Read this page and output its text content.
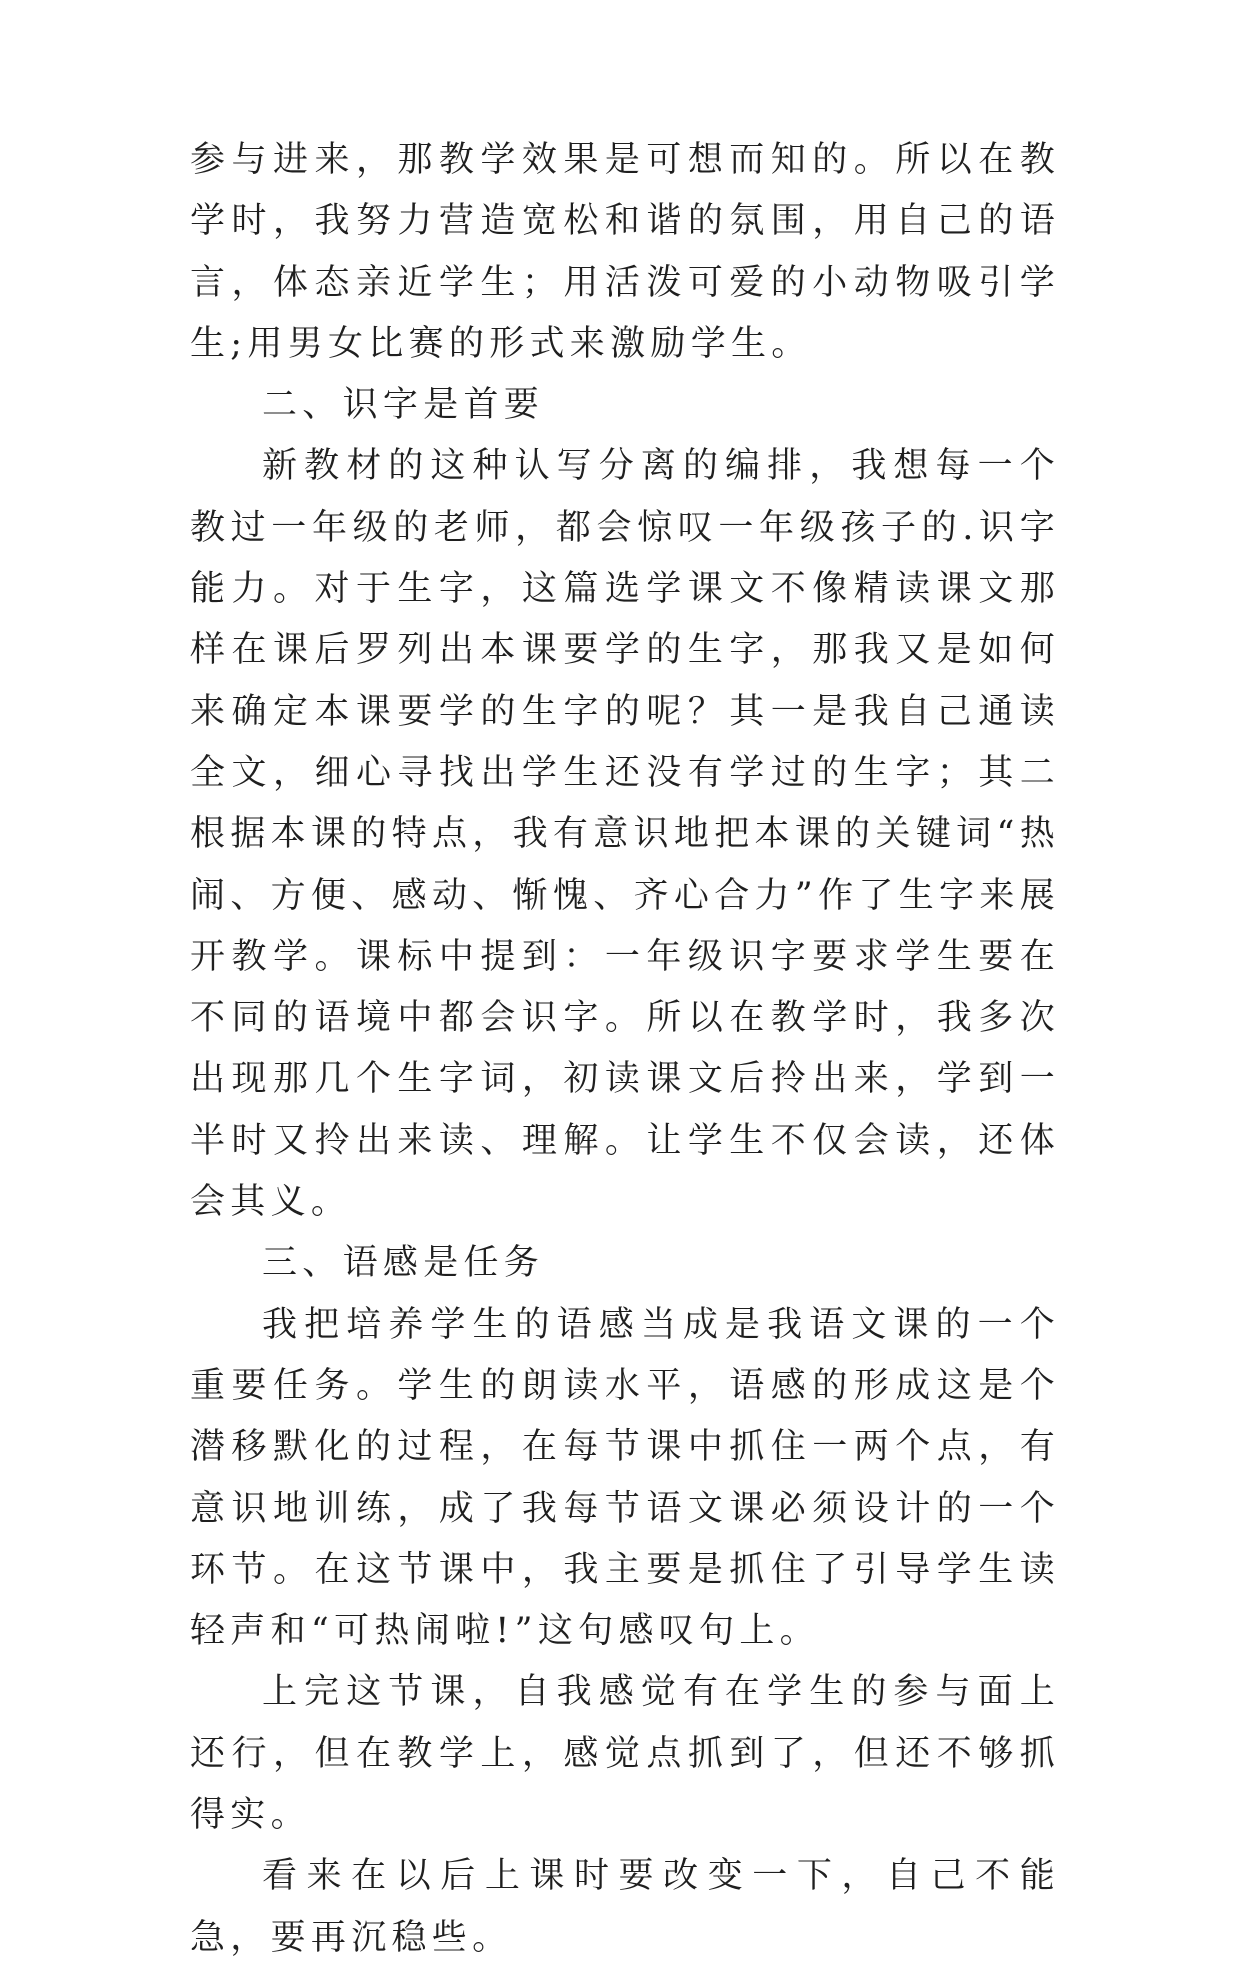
参与进来，那教学效果是可想而知的。所以在教学时，我努力营造宽松和谐的氛围，用自己的语言，体态亲近学生；用活泼可爱的小动物吸引学生;用男女比赛的形式来激励学生。

二、识字是首要

新教材的这种认写分离的编排，我想每一个教过一年级的老师，都会惊叹一年级孩子的.识字能力。对于生字，这篇选学课文不像精读课文那样在课后罗列出本课要学的生字，那我又是如何来确定本课要学的生字的呢？其一是我自己通读全文，细心寻找出学生还没有学过的生字；其二根据本课的特点，我有意识地把本课的关键词“热闹、方便、感动、惭愧、齐心合力”作了生字来展开教学。课标中提到：一年级识字要求学生要在不同的语境中都会识字。所以在教学时，我多次出现那几个生字词，初读课文后拎出来，学到一半时又拎出来读、理解。让学生不仅会读，还体会其义。

三、语感是任务

我把培养学生的语感当成是我语文课的一个重要任务。学生的朗读水平，语感的形成这是个潜移默化的过程，在每节课中抓住一两个点，有意识地训练，成了我每节语文课必须设计的一个环节。在这节课中，我主要是抓住了引导学生读轻声和“可热闹啦!”这句感叹句上。

上完这节课，自我感觉有在学生的参与面上还行，但在教学上，感觉点抓到了，但还不够抓得实。

看来在以后上课时要改变一下，自己不能急，要再沉稳些。
